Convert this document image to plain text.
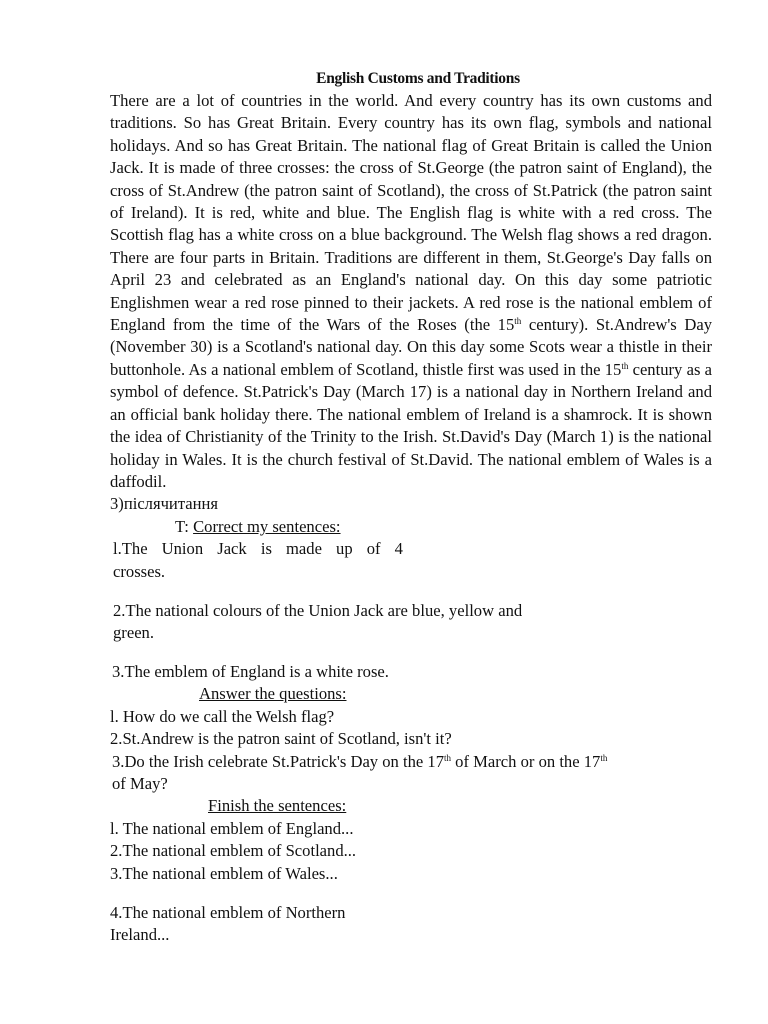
English Customs and Traditions

There are a lot of countries in the world. And every country has its own customs and traditions. So has Great Britain. Every country has its own flag, symbols and national holidays. And so has Great Britain. The national flag of Great Britain is called the Union Jack. It is made of three crosses: the cross of St.George (the patron saint of England), the cross of St.Andrew (the patron saint of Scotland), the cross of St.Patrick (the patron saint of Ireland). It is red, white and blue. The English flag is white with a red cross. The Scottish flag has a white cross on a blue background. The Welsh flag shows a red dragon. There are four parts in Britain. Traditions are different in them, St.George's Day falls on April 23 and celebrated as an England's national day. On this day some patriotic Englishmen wear a red rose pinned to their jackets. A red rose is the national emblem of England from the time of the Wars of the Roses (the 15th century). St.Andrew's Day (November 30) is a Scotland's national day. On this day some Scots wear a thistle in their buttonhole. As a national emblem of Scotland, thistle first was used in the 15th century as a symbol of defence. St.Patrick's Day (March 17) is a national day in Northern Ireland and an official bank holiday there. The national emblem of Ireland is a shamrock. It is shown the idea of Christianity of the Trinity to the Irish. St.David's Day (March 1) is the national holiday in Wales. It is the church festival of St.David. The national emblem of Wales is a daffodil.

3)післячитання

T: Correct my sentences:

l.The Union Jack is made up of 4
crosses.

2.The national colours of the Union Jack are blue, yellow and green.

3.The emblem of England is a white rose.

Answer the questions:

l. How do we call the Welsh flag?

2.St.Andrew is the patron saint of Scotland, isn't it?

3.Do the Irish celebrate St.Patrick's Day on the 17th of March or on the 17th

of May?

Finish the sentences:

l. The national emblem of England...

2.The national emblem of Scotland...

3.The national emblem of Wales...

4.The national emblem of Northern Ireland...
